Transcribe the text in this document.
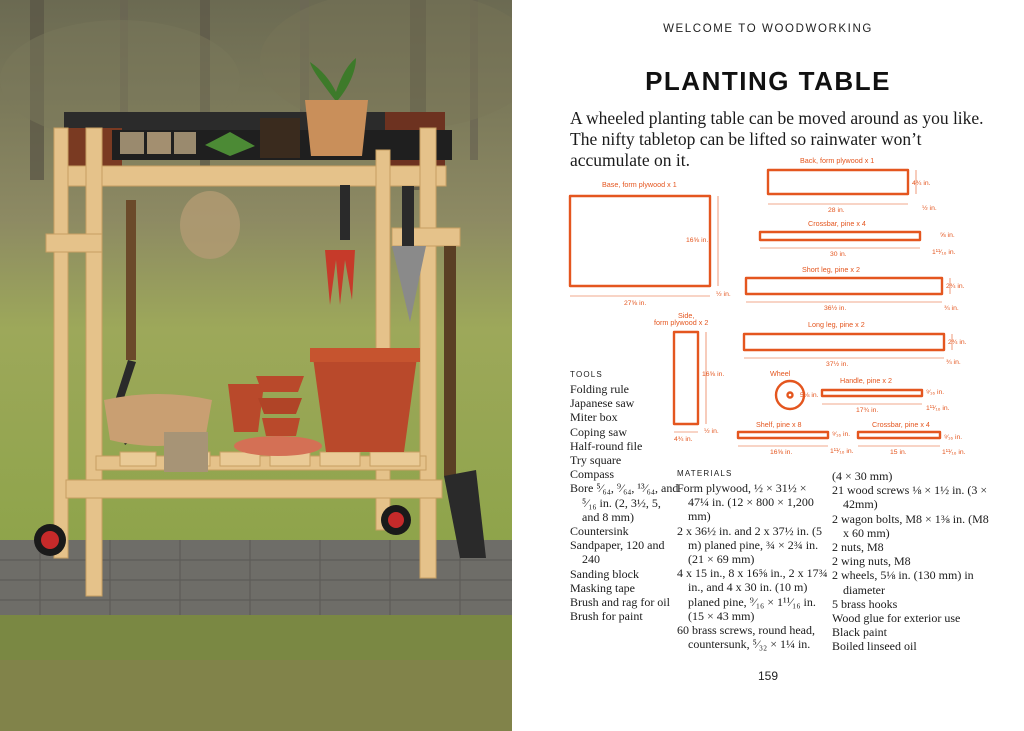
WELCOME TO WOODWORKING
PLANTING TABLE
A wheeled planting table can be moved around as you like. The nifty tabletop can be lifted so rainwater won’t accumulate on it.
159
Base, form plywood x 1
27⅝ in.
16⅝ in.
½ in.
Back, form plywood x 1
28 in.
4¾ in.
½ in.
Crossbar, pine x 4
30 in.
⅝ in.
1¹¹⁄₁₆ in.
Short leg, pine x 2
36½ in.
2¾ in.
¾ in.
Side,
form plywood x 2
16⅝ in.
4¾ in.
½ in.
Long leg, pine x 2
37½ in.
2¾ in.
¾ in.
Wheel
5⅛ in.
Handle, pine x 2
17¾ in.
⁹⁄₁₆ in.
1¹¹⁄₁₆ in.
Shelf, pine x 8
16⅝ in.
⁹⁄₁₆ in.
1¹¹⁄₁₆ in.
Crossbar, pine x 4
15 in.
⁹⁄₁₆ in.
1¹¹⁄₁₆ in.
TOOLS
Folding rule
Japanese saw
Miter box
Coping saw
Half-round file
Try square
Compass
Bore ⁵⁄₆₄, ⁹⁄₆₄, ¹³⁄₆₄, and ⁵⁄₁₆ in. (2, 3½, 5, and 8 mm)
Countersink
Sandpaper, 120 and 240
Sanding block
Masking tape
Brush and rag for oil
Brush for paint
MATERIALS
Form plywood, ½ × 31½ × 47¼ in. (12 × 800 × 1,200 mm)
2 x 36½ in. and 2 x 37½ in. (5 m) planed pine, ¾ × 2¾ in. (21 × 69 mm)
4 x 15 in., 8 x 16⅝ in., 2 x 17¾ in., and 4 x 30 in. (10 m) planed pine, ⁹⁄₁₆ × 1¹¹⁄₁₆ in. (15 × 43 mm)
60 brass screws, round head, countersunk, ⁵⁄₃₂ × 1¼ in.
(4 × 30 mm)
21 wood screws ⅛ × 1½ in. (3 × 42mm)
2 wagon bolts, M8 × 1⅜ in. (M8 x 60 mm)
2 nuts, M8
2 wing nuts, M8
2 wheels, 5⅛ in. (130 mm) in diameter
5 brass hooks
Wood glue for exterior use
Black paint
Boiled linseed oil
